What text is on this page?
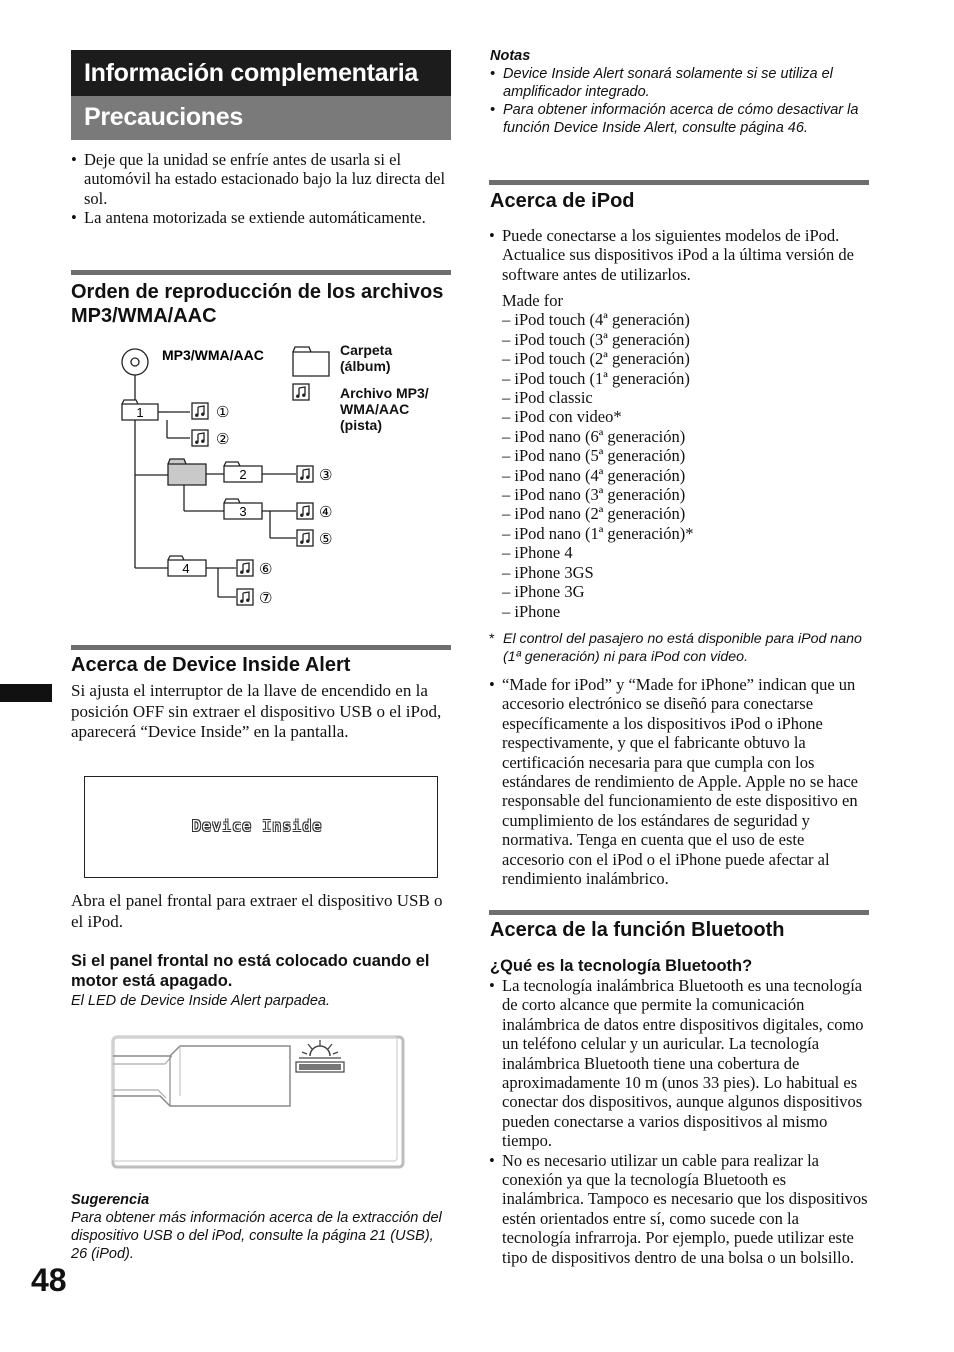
Información complementaria
Precauciones
• Deje que la unidad se enfríe antes de usarla si el automóvil ha estado estacionado bajo la luz directa del sol.
• La antena motorizada se extiende automáticamente.
Orden de reproducción de los archivos MP3/WMA/AAC
MP3/WMA/AAC
1
2
3
4
①
②
③
④
⑤
⑥
⑦
Carpeta (álbum)
Archivo MP3/ WMA/AAC (pista)
Acerca de Device Inside Alert
Si ajusta el interruptor de la llave de encendido en la posición OFF sin extraer el dispositivo USB o el iPod, aparecerá “Device Inside” en la pantalla.
Device Inside
Abra el panel frontal para extraer el dispositivo USB o el iPod.
Si el panel frontal no está colocado cuando el motor está apagado.
El LED de Device Inside Alert parpadea.
Sugerencia
Para obtener más información acerca de la extracción del dispositivo USB o del iPod, consulte la página 21 (USB), 26 (iPod).
48
Notas
• Device Inside Alert sonará solamente si se utiliza el amplificador integrado.
• Para obtener información acerca de cómo desactivar la función Device Inside Alert, consulte página 46.
Acerca de iPod
• Puede conectarse a los siguientes modelos de iPod. Actualice sus dispositivos iPod a la última versión de software antes de utilizarlos.
Made for
– iPod touch (4ª generación)
– iPod touch (3ª generación)
– iPod touch (2ª generación)
– iPod touch (1ª generación)
– iPod classic
– iPod con video*
– iPod nano (6ª generación)
– iPod nano (5ª generación)
– iPod nano (4ª generación)
– iPod nano (3ª generación)
– iPod nano (2ª generación)
– iPod nano (1ª generación)*
– iPhone 4
– iPhone 3GS
– iPhone 3G
– iPhone
* El control del pasajero no está disponible para iPod nano (1ª generación) ni para iPod con video.
• “Made for iPod” y “Made for iPhone” indican que un accesorio electrónico se diseñó para conectarse específicamente a los dispositivos iPod o iPhone respectivamente, y que el fabricante obtuvo la certificación necesaria para que cumpla con los estándares de rendimiento de Apple. Apple no se hace responsable del funcionamiento de este dispositivo en cumplimiento de los estándares de seguridad y normativa. Tenga en cuenta que el uso de este accesorio con el iPod o el iPhone puede afectar al rendimiento inalámbrico.
Acerca de la función Bluetooth
¿Qué es la tecnología Bluetooth?
• La tecnología inalámbrica Bluetooth es una tecnología de corto alcance que permite la comunicación inalámbrica de datos entre dispositivos digitales, como un teléfono celular y un auricular. La tecnología inalámbrica Bluetooth tiene una cobertura de aproximadamente 10 m (unos 33 pies). Lo habitual es conectar dos dispositivos, aunque algunos dispositivos pueden conectarse a varios dispositivos al mismo tiempo.
• No es necesario utilizar un cable para realizar la conexión ya que la tecnología Bluetooth es inalámbrica. Tampoco es necesario que los dispositivos estén orientados entre sí, como sucede con la tecnología infrarroja. Por ejemplo, puede utilizar este tipo de dispositivos dentro de una bolsa o un bolsillo.
